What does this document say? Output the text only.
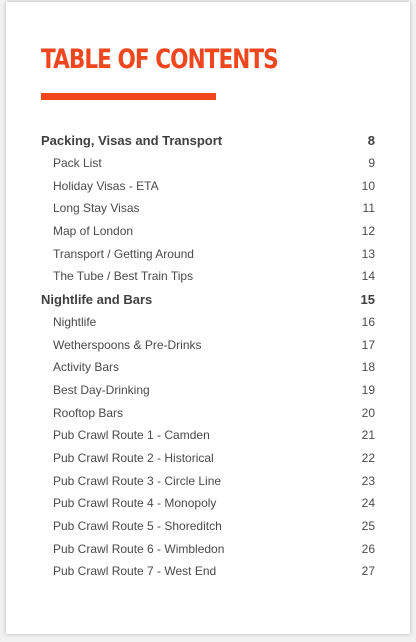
TABLE OF CONTENTS
Packing, Visas and Transport	8
Pack List	9
Holiday Visas - ETA	10
Long Stay Visas	11
Map of London	12
Transport / Getting Around	13
The Tube / Best Train Tips	14
Nightlife and Bars	15
Nightlife	16
Wetherspoons & Pre-Drinks	17
Activity Bars	18
Best Day-Drinking	19
Rooftop Bars	20
Pub Crawl Route 1 - Camden	21
Pub Crawl Route 2 - Historical	22
Pub Crawl Route 3 - Circle Line	23
Pub Crawl Route 4 - Monopoly	24
Pub Crawl Route 5 - Shoreditch	25
Pub Crawl Route 6 - Wimbledon	26
Pub Crawl Route 7 - West End	27
